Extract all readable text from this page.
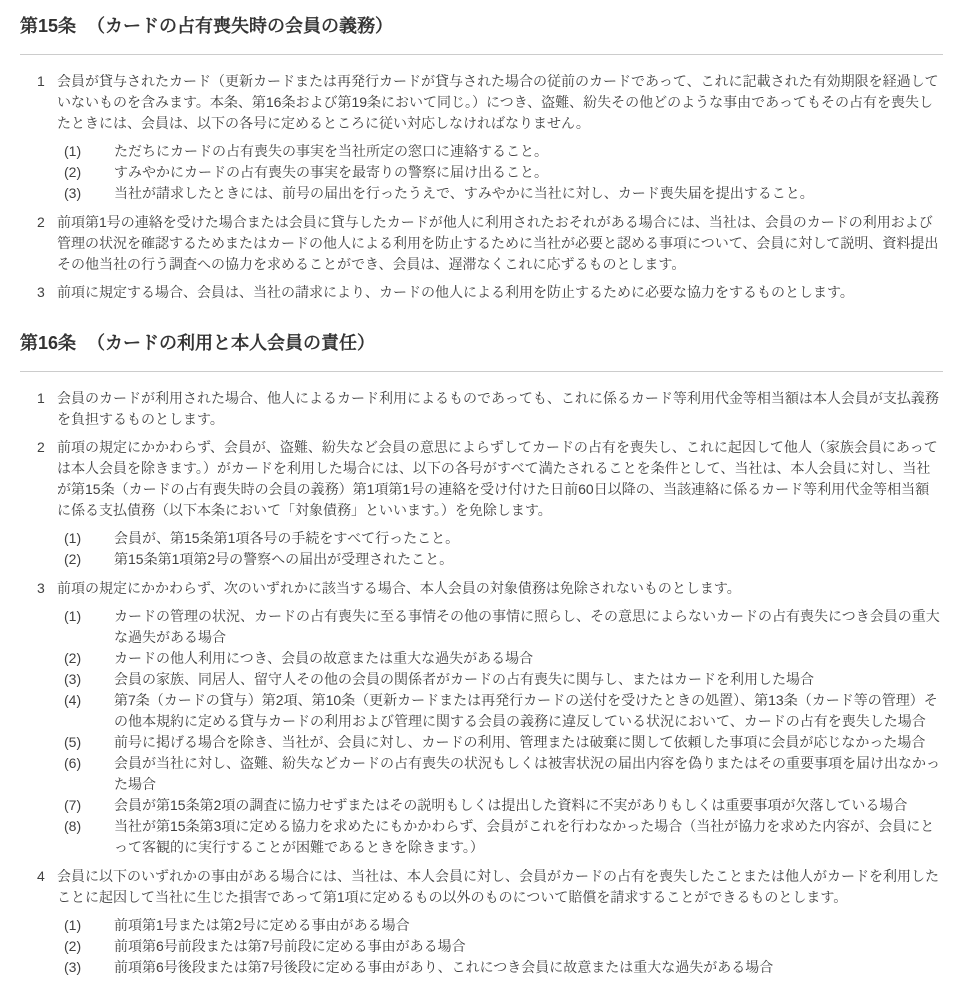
第15条 （カードの占有喪失時の会員の義務）
1 会員が貸与されたカード（更新カードまたは再発行カードが貸与された場合の従前のカードであって、これに記載された有効期限を経過していないものを含みます。本条、第16条および第19条において同じ。）につき、盗難、紛失その他どのような事由であってもその占有を喪失したときには、会員は、以下の各号に定めるところに従い対応しなければなりません。
(1)	ただちにカードの占有喪失の事実を当社所定の窓口に連絡すること。
(2)	すみやかにカードの占有喪失の事実を最寄りの警察に届け出ること。
(3)	当社が請求したときには、前号の届出を行ったうえで、すみやかに当社に対し、カード喪失届を提出すること。
2 前項第1号の連絡を受けた場合または会員に貸与したカードが他人に利用されたおそれがある場合には、当社は、会員のカードの利用および管理の状況を確認するためまたはカードの他人による利用を防止するために当社が必要と認める事項について、会員に対して説明、資料提出その他当社の行う調査への協力を求めることができ、会員は、遅滞なくこれに応ずるものとします。
3 前項に規定する場合、会員は、当社の請求により、カードの他人による利用を防止するために必要な協力をするものとします。
第16条 （カードの利用と本人会員の責任）
1 会員のカードが利用された場合、他人によるカード利用によるものであっても、これに係るカード等利用代金等相当額は本人会員が支払義務を負担するものとします。
2 前項の規定にかかわらず、会員が、盗難、紛失など会員の意思によらずしてカードの占有を喪失し、これに起因して他人（家族会員にあっては本人会員を除きます。）がカードを利用した場合には、以下の各号がすべて満たされることを条件として、当社は、本人会員に対し、当社が第15条（カードの占有喪失時の会員の義務）第1項第1号の連絡を受け付けた日前60日以降の、当該連絡に係るカード等利用代金等相当額に係る支払債務（以下本条において「対象債務」といいます。）を免除します。
(1)	会員が、第15条第1項各号の手続をすべて行ったこと。
(2)	第15条第1項第2号の警察への届出が受理されたこと。
3 前項の規定にかかわらず、次のいずれかに該当する場合、本人会員の対象債務は免除されないものとします。
(1)	カードの管理の状況、カードの占有喪失に至る事情その他の事情に照らし、その意思によらないカードの占有喪失につき会員の重大な過失がある場合
(2)	カードの他人利用につき、会員の故意または重大な過失がある場合
(3)	会員の家族、同居人、留守人その他の会員の関係者がカードの占有喪失に関与し、またはカードを利用した場合
(4)	第7条（カードの貸与）第2項、第10条（更新カードまたは再発行カードの送付を受けたときの処置）、第13条（カード等の管理）その他本規約に定める貸与カードの利用および管理に関する会員の義務に違反している状況において、カードの占有を喪失した場合
(5)	前号に掲げる場合を除き、当社が、会員に対し、カードの利用、管理または破棄に関して依頼した事項に会員が応じなかった場合
(6)	会員が当社に対し、盗難、紛失などカードの占有喪失の状況もしくは被害状況の届出内容を偽りまたはその重要事項を届け出なかった場合
(7)	会員が第15条第2項の調査に協力せずまたはその説明もしくは提出した資料に不実がありもしくは重要事項が欠落している場合
(8)	当社が第15条第3項に定める協力を求めたにもかかわらず、会員がこれを行わなかった場合（当社が協力を求めた内容が、会員にとって客観的に実行することが困難であるときを除きます。）
4 会員に以下のいずれかの事由がある場合には、当社は、本人会員に対し、会員がカードの占有を喪失したことまたは他人がカードを利用したことに起因して当社に生じた損害であって第1項に定めるもの以外のものについて賠償を請求することができるものとします。
(1)	前項第1号または第2号に定める事由がある場合
(2)	前項第6号前段または第7号前段に定める事由がある場合
(3)	前項第6号後段または第7号後段に定める事由があり、これにつき会員に故意または重大な過失がある場合
